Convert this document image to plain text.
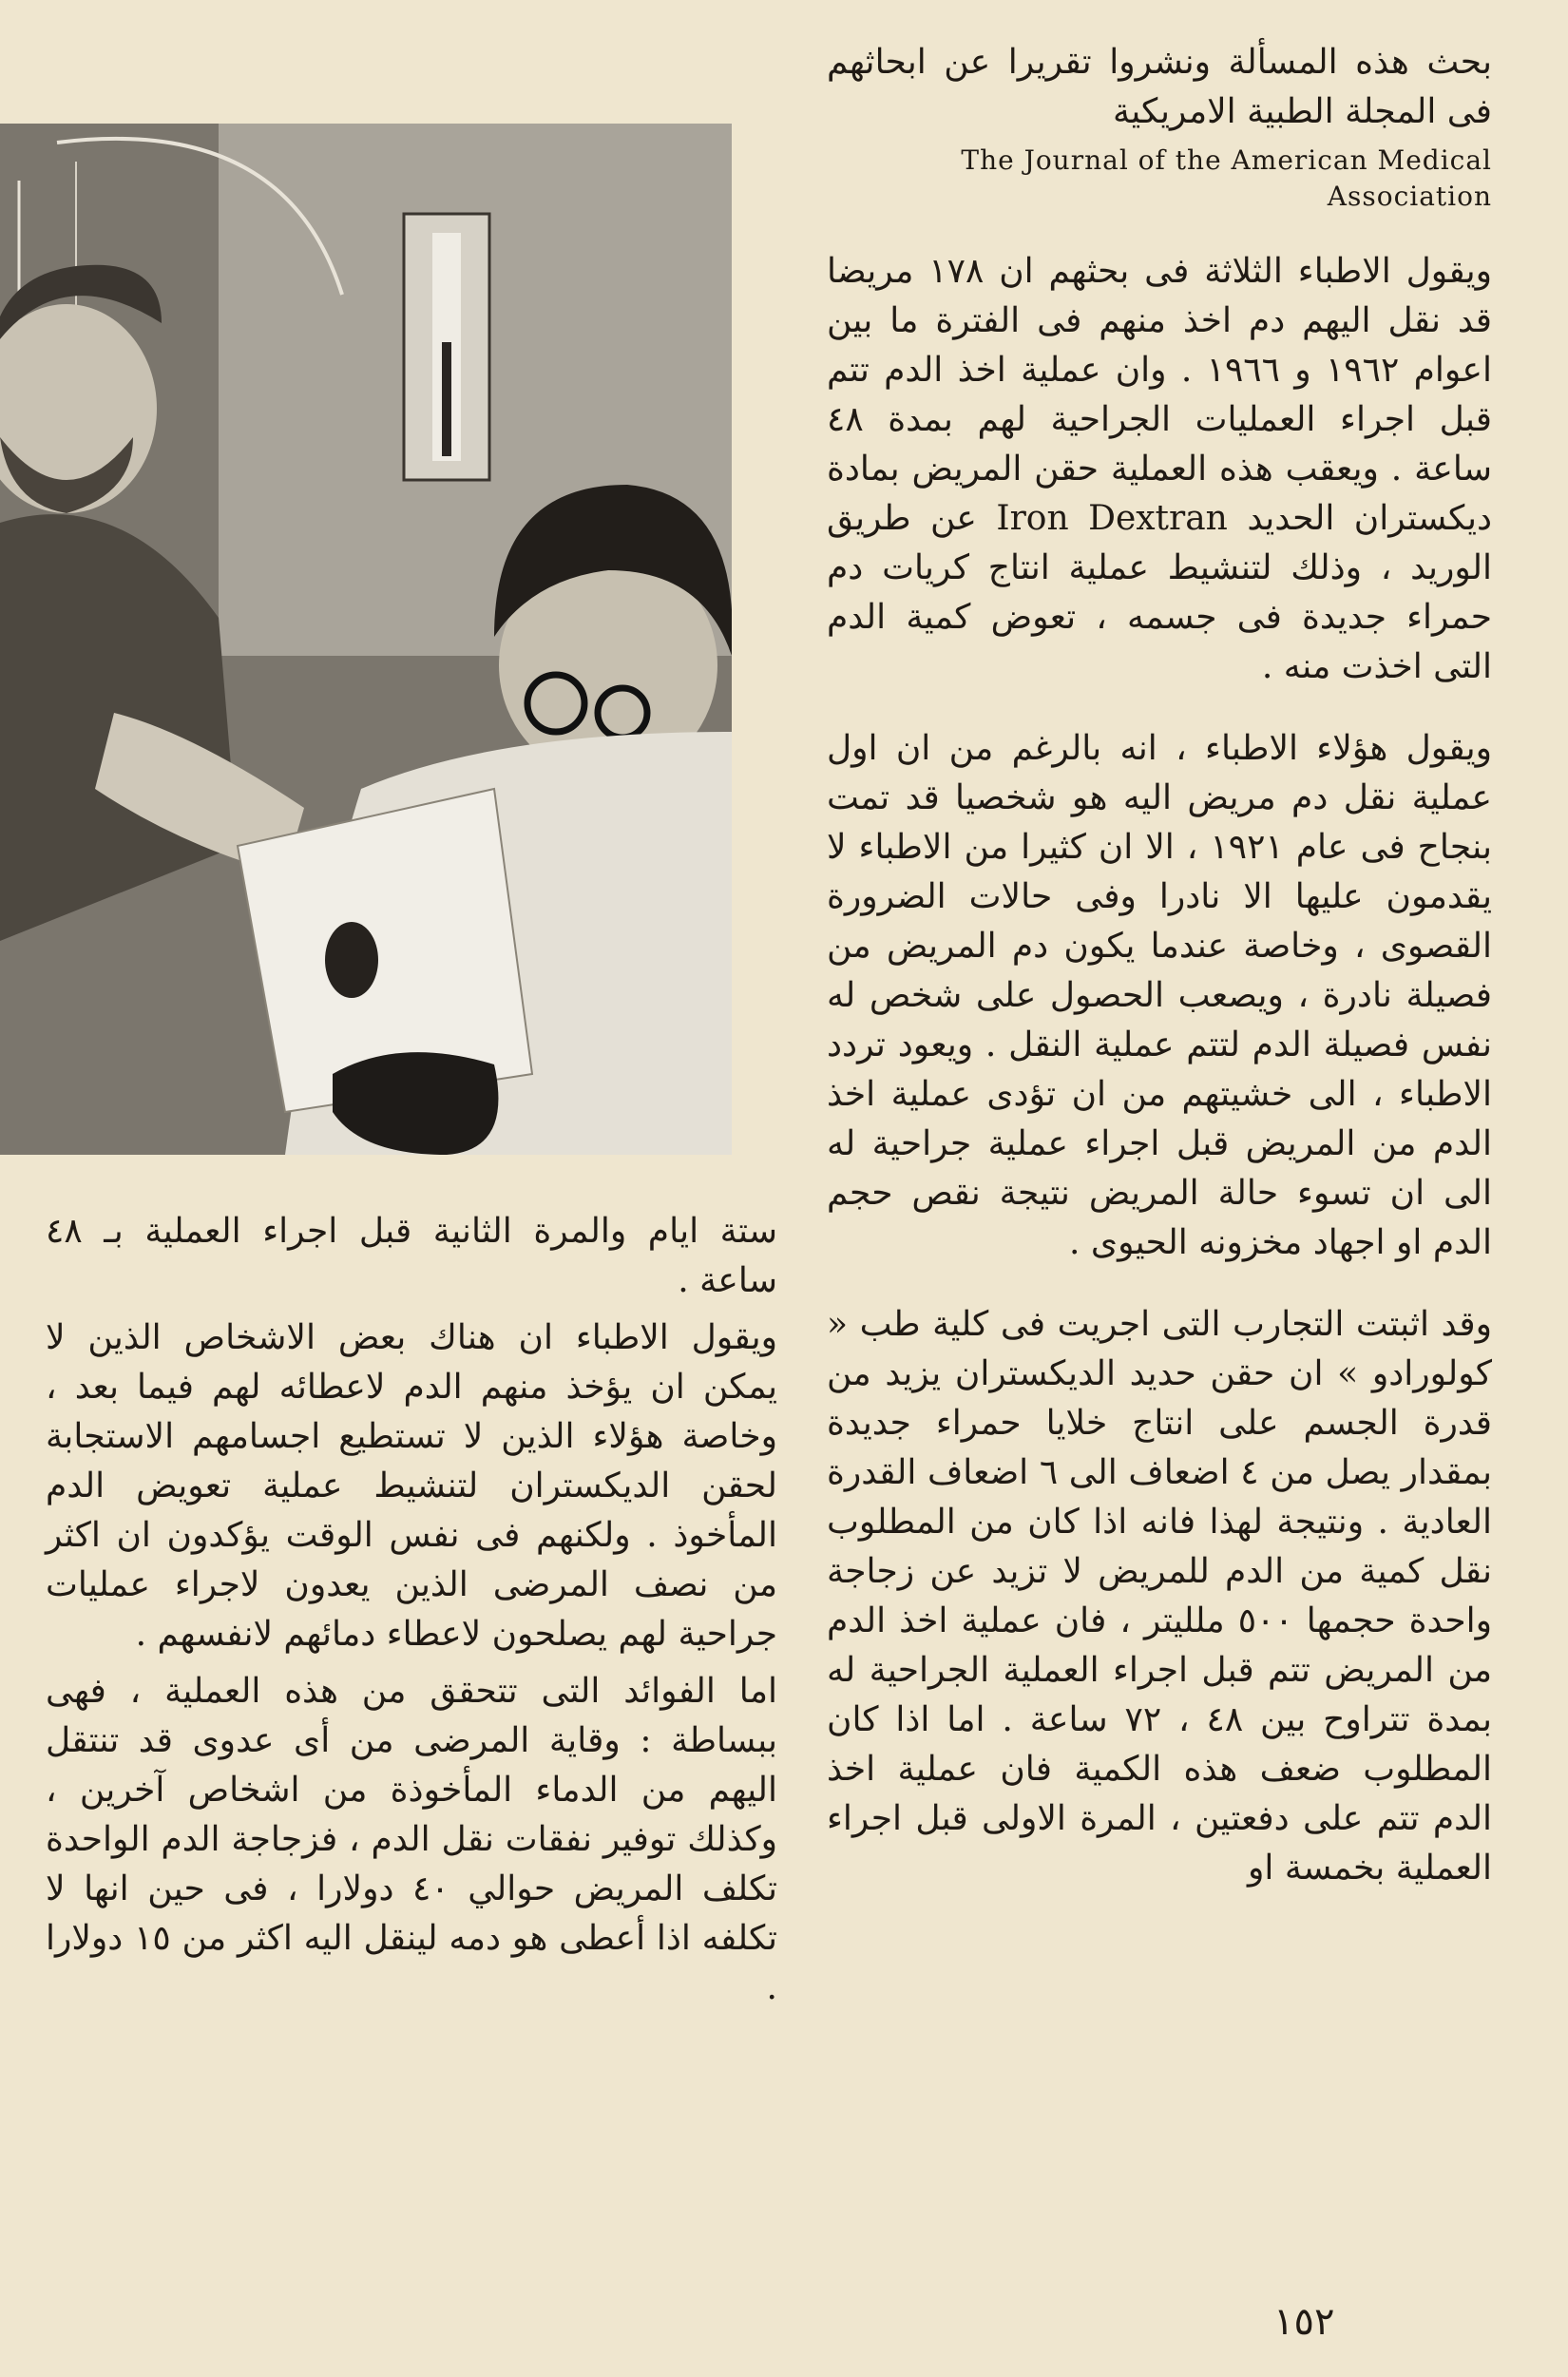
بحث هذه المسألة ونشروا تقريرا عن ابحاثهم فى المجلة الطبية الامريكية

The Journal of the American Medical Association

ويقول الاطباء الثلاثة فى بحثهم ان ١٧٨ مريضا قد نقل اليهم دم اخذ منهم فى الفترة ما بين اعوام ١٩٦٢ و ١٩٦٦ . وان عملية اخذ الدم تتم قبل اجراء العمليات الجراحية لهم بمدة ٤٨ ساعة . ويعقب هذه العملية حقن المريض بمادة ديكستران الحديد Iron Dextran عن طريق الوريد ، وذلك لتنشيط عملية انتاج كريات دم حمراء جديدة فى جسمه ، تعوض كمية الدم التى اخذت منه .

ويقول هؤلاء الاطباء ، انه بالرغم من ان اول عملية نقل دم مريض اليه هو شخصيا قد تمت بنجاح فى عام ١٩٢١ ، الا ان كثيرا من الاطباء لا يقدمون عليها الا نادرا وفى حالات الضرورة القصوى ، وخاصة عندما يكون دم المريض من فصيلة نادرة ، ويصعب الحصول على شخص له نفس فصيلة الدم لتتم عملية النقل . ويعود تردد الاطباء ، الى خشيتهم من ان تؤدى عملية اخذ الدم من المريض قبل اجراء عملية جراحية له الى ان تسوء حالة المريض نتيجة نقص حجم الدم او اجهاد مخزونه الحيوى .

وقد اثبتت التجارب التى اجريت فى كلية طب « كولورادو » ان حقن حديد الديكستران يزيد من قدرة الجسم على انتاج خلايا حمراء جديدة بمقدار يصل من ٤ اضعاف الى ٦ اضعاف القدرة العادية . ونتيجة لهذا فانه اذا كان من المطلوب نقل كمية من الدم للمريض لا تزيد عن زجاجة واحدة حجمها ٥٠٠ ملليتر ، فان عملية اخذ الدم من المريض تتم قبل اجراء العملية الجراحية له بمدة تتراوح بين ٤٨ ، ٧٢ ساعة . اما اذا كان المطلوب ضعف هذه الكمية فان عملية اخذ الدم تتم على دفعتين ، المرة الاولى قبل اجراء العملية بخمسة او

ستة ايام والمرة الثانية قبل اجراء العملية بـ ٤٨ ساعة .

ويقول الاطباء ان هناك بعض الاشخاص الذين لا يمكن ان يؤخذ منهم الدم لاعطائه لهم فيما بعد ، وخاصة هؤلاء الذين لا تستطيع اجسامهم الاستجابة لحقن الديكستران لتنشيط عملية تعويض الدم المأخوذ . ولكنهم فى نفس الوقت يؤكدون ان اكثر من نصف المرضى الذين يعدون لاجراء عمليات جراحية لهم يصلحون لاعطاء دمائهم لانفسهم .

اما الفوائد التى تتحقق من هذه العملية ، فهى ببساطة : وقاية المرضى من أى عدوى قد تنتقل اليهم من الدماء المأخوذة من اشخاص آخرين ، وكذلك توفير نفقات نقل الدم ، فزجاجة الدم الواحدة تكلف المريض حوالي ٤٠ دولارا ، فى حين انها لا تكلفه اذا أعطى هو دمه لينقل اليه اكثر من ١٥ دولارا .

١٥٢
